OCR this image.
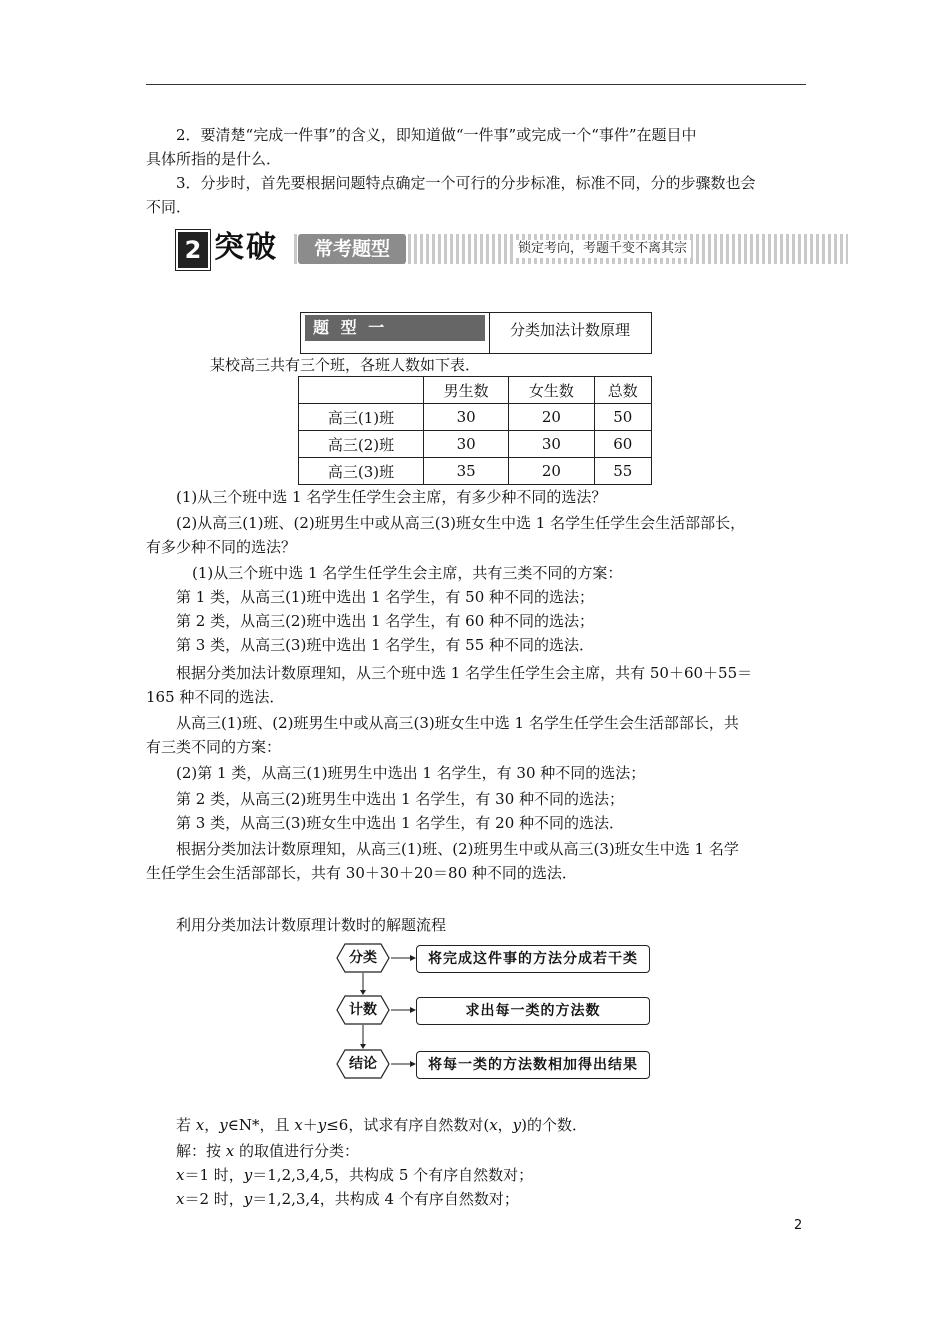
2．要清楚“完成一件事”的含义，即知道做“一件事”或完成一个“事件”在题目中
具体所指的是什么．
3．分步时，首先要根据问题特点确定一个可行的分步标准，标准不同，分的步骤数也会
不同．
2 突破	常考题型	锁定考向，考题千变不离其宗
题 型 一	分类加法计数原理
某校高三共有三个班，各班人数如下表．
	男生数	女生数	总数
高三(1)班	30	20	50
高三(2)班	30	30	60
高三(3)班	35	20	55
(1)从三个班中选 1 名学生任学生会主席，有多少种不同的选法？
(2)从高三(1)班、(2)班男生中或从高三(3)班女生中选 1 名学生任学生会生活部部长，
有多少种不同的选法？
(1)从三个班中选 1 名学生任学生会主席，共有三类不同的方案：
第 1 类，从高三(1)班中选出 1 名学生，有 50 种不同的选法；
第 2 类，从高三(2)班中选出 1 名学生，有 60 种不同的选法；
第 3 类，从高三(3)班中选出 1 名学生，有 55 种不同的选法．
根据分类加法计数原理知，从三个班中选 1 名学生任学生会主席，共有 50＋60＋55＝
165 种不同的选法．
从高三(1)班、(2)班男生中或从高三(3)班女生中选 1 名学生任学生会生活部部长，共
有三类不同的方案：
(2)第 1 类，从高三(1)班男生中选出 1 名学生，有 30 种不同的选法；
第 2 类，从高三(2)班男生中选出 1 名学生，有 30 种不同的选法；
第 3 类，从高三(3)班女生中选出 1 名学生，有 20 种不同的选法．
根据分类加法计数原理知，从高三(1)班、(2)班男生中或从高三(3)班女生中选 1 名学
生任学生会生活部部长，共有 30＋30＋20＝80 种不同的选法．
利用分类加法计数原理计数时的解题流程
分类	将完成这件事的方法分成若干类
计数	求出每一类的方法数
结论	将每一类的方法数相加得出结果
若 x，y∈N*，且 x＋y≤6，试求有序自然数对(x，y)的个数．
解：按 x 的取值进行分类：
x＝1 时，y＝1,2,3,4,5，共构成 5 个有序自然数对；
x＝2 时，y＝1,2,3,4，共构成 4 个有序自然数对；
2
